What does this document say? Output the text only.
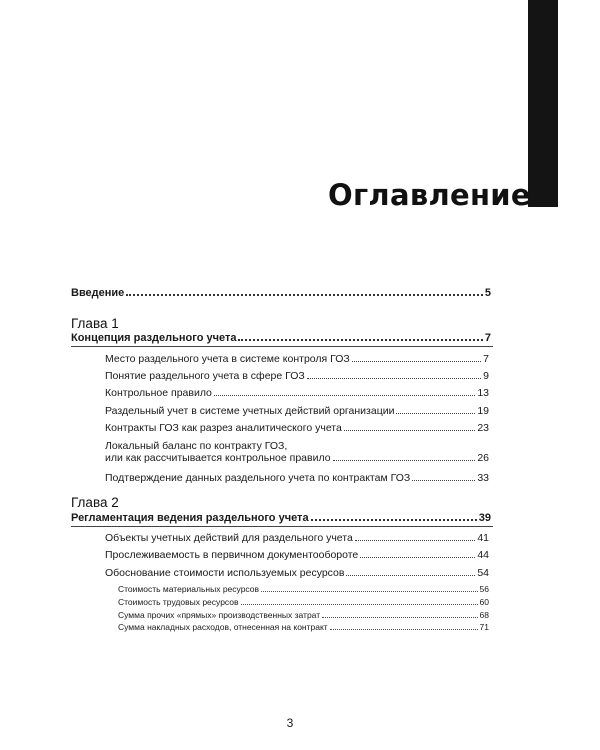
Оглавление
Введение	5
Глава 1
Концепция раздельного учета	7
Место раздельного учета в системе контроля ГОЗ	7
Понятие раздельного учета в сфере ГОЗ	9
Контрольное правило	13
Раздельный учет в системе учетных действий организации	19
Контракты ГОЗ как разрез аналитического учета	23
Локальный баланс по контракту ГОЗ,
или как рассчитывается контрольное правило	26
Подтверждение данных раздельного учета по контрактам ГОЗ	33
Глава 2
Регламентация ведения раздельного учета	39
Объекты учетных действий для раздельного учета	41
Прослеживаемость в первичном документообороте	44
Обоснование стоимости используемых ресурсов	54
Стоимость материальных ресурсов	56
Стоимость трудовых ресурсов	60
Сумма прочих «прямых» производственных затрат	68
Сумма накладных расходов, отнесенная на контракт	71
3
